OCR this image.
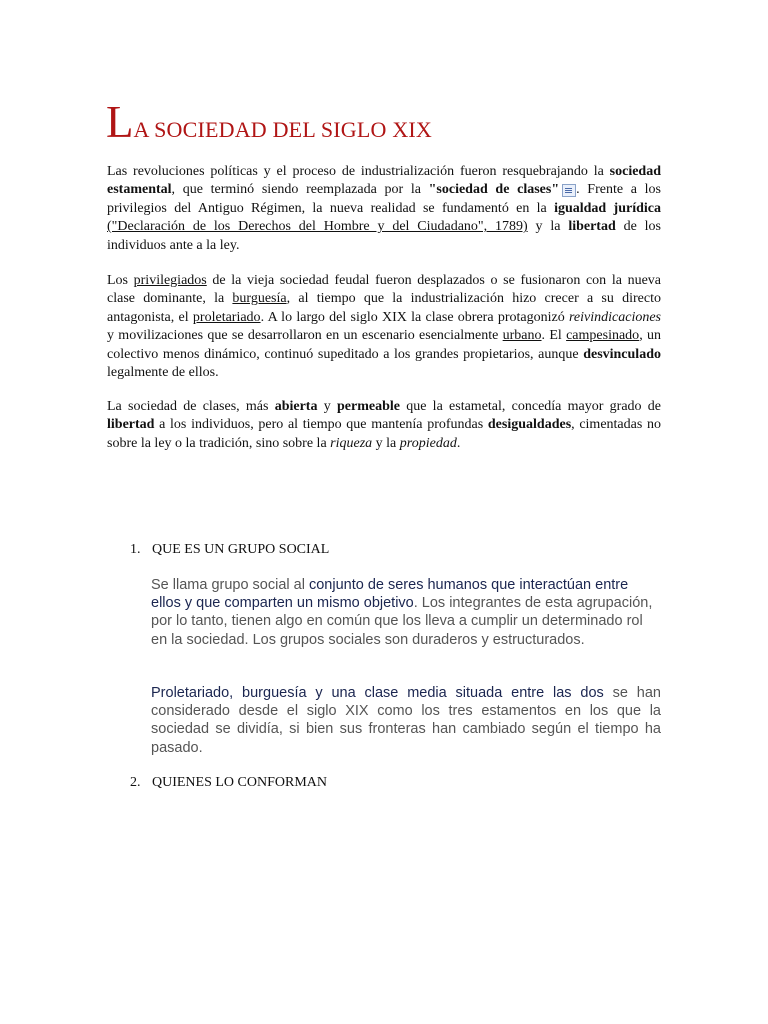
LA SOCIEDAD DEL SIGLO XIX

Las revoluciones políticas y el proceso de industrialización fueron resquebrajando la sociedad estamental, que terminó siendo reemplazada por la "sociedad de clases" . Frente a los privilegios del Antiguo Régimen, la nueva realidad se fundamentó en la igualdad jurídica ("Declaración de los Derechos del Hombre y del Ciudadano", 1789) y la libertad de los individuos ante a la ley.

Los privilegiados de la vieja sociedad feudal fueron desplazados o se fusionaron con la nueva clase dominante, la burguesía, al tiempo que la industrialización hizo crecer a su directo antagonista, el proletariado. A lo largo del siglo XIX la clase obrera protagonizó reivindicaciones y movilizaciones que se desarrollaron en un escenario esencialmente urbano. El campesinado, un colectivo menos dinámico, continuó supeditado a los grandes propietarios, aunque desvinculado legalmente de ellos.

La sociedad de clases, más abierta y permeable que la estametal, concedía mayor grado de libertad a los individuos, pero al tiempo que mantenía profundas desigualdades, cimentadas no sobre la ley o la tradición, sino sobre la riqueza y la propiedad.

1. QUE ES UN GRUPO SOCIAL

Se llama grupo social al conjunto de seres humanos que interactúan entre ellos y que comparten un mismo objetivo. Los integrantes de esta agrupación, por lo tanto, tienen algo en común que los lleva a cumplir un determinado rol en la sociedad. Los grupos sociales son duraderos y estructurados.

Proletariado, burguesía y una clase media situada entre las dos se han considerado desde el siglo XIX como los tres estamentos en los que la sociedad se dividía, si bien sus fronteras han cambiado según el tiempo ha pasado.

2. QUIENES LO CONFORMAN
